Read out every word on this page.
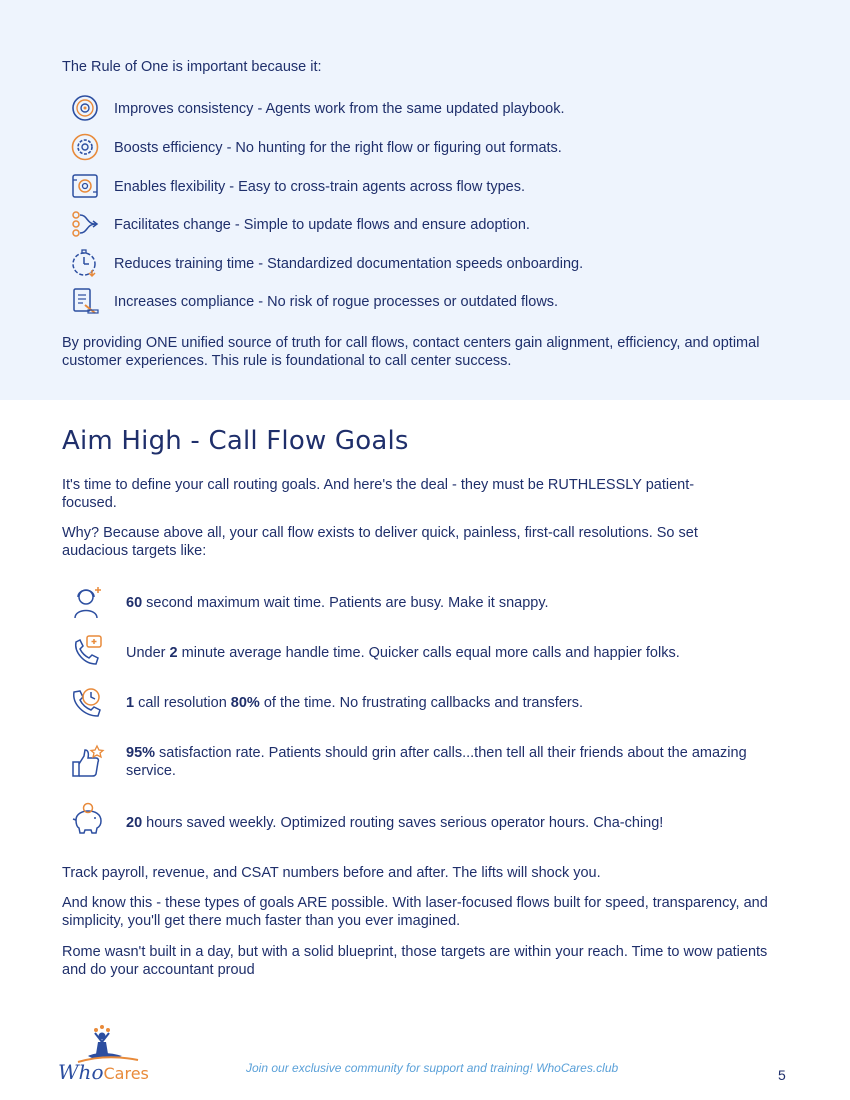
The Rule of One is important because it:

Improves consistency - Agents work from the same updated playbook.
Boosts efficiency - No hunting for the right flow or figuring out formats.
Enables flexibility - Easy to cross-train agents across flow types.
Facilitates change - Simple to update flows and ensure adoption.
Reduces training time - Standardized documentation speeds onboarding.
Increases compliance - No risk of rogue processes or outdated flows.

By providing ONE unified source of truth for call flows, contact centers gain alignment, efficiency, and optimal customer experiences. This rule is foundational to call center success.

Aim High - Call Flow Goals

It's time to define your call routing goals. And here's the deal - they must be RUTHLESSLY patient-focused.

Why? Because above all, your call flow exists to deliver quick, painless, first-call resolutions. So set audacious targets like:

60 second maximum wait time. Patients are busy. Make it snappy.
Under 2 minute average handle time. Quicker calls equal more calls and happier folks.
1 call resolution 80% of the time. No frustrating callbacks and transfers.
95% satisfaction rate. Patients should grin after calls...then tell all their friends about the amazing service.
20 hours saved weekly. Optimized routing saves serious operator hours. Cha-ching!

Track payroll, revenue, and CSAT numbers before and after. The lifts will shock you.

And know this - these types of goals ARE possible. With laser-focused flows built for speed, transparency, and simplicity, you'll get there much faster than you ever imagined.

Rome wasn't built in a day, but with a solid blueprint, those targets are within your reach. Time to wow patients and do your accountant proud

WhoCares	Join our exclusive community for support and training! WhoCares.club	5
